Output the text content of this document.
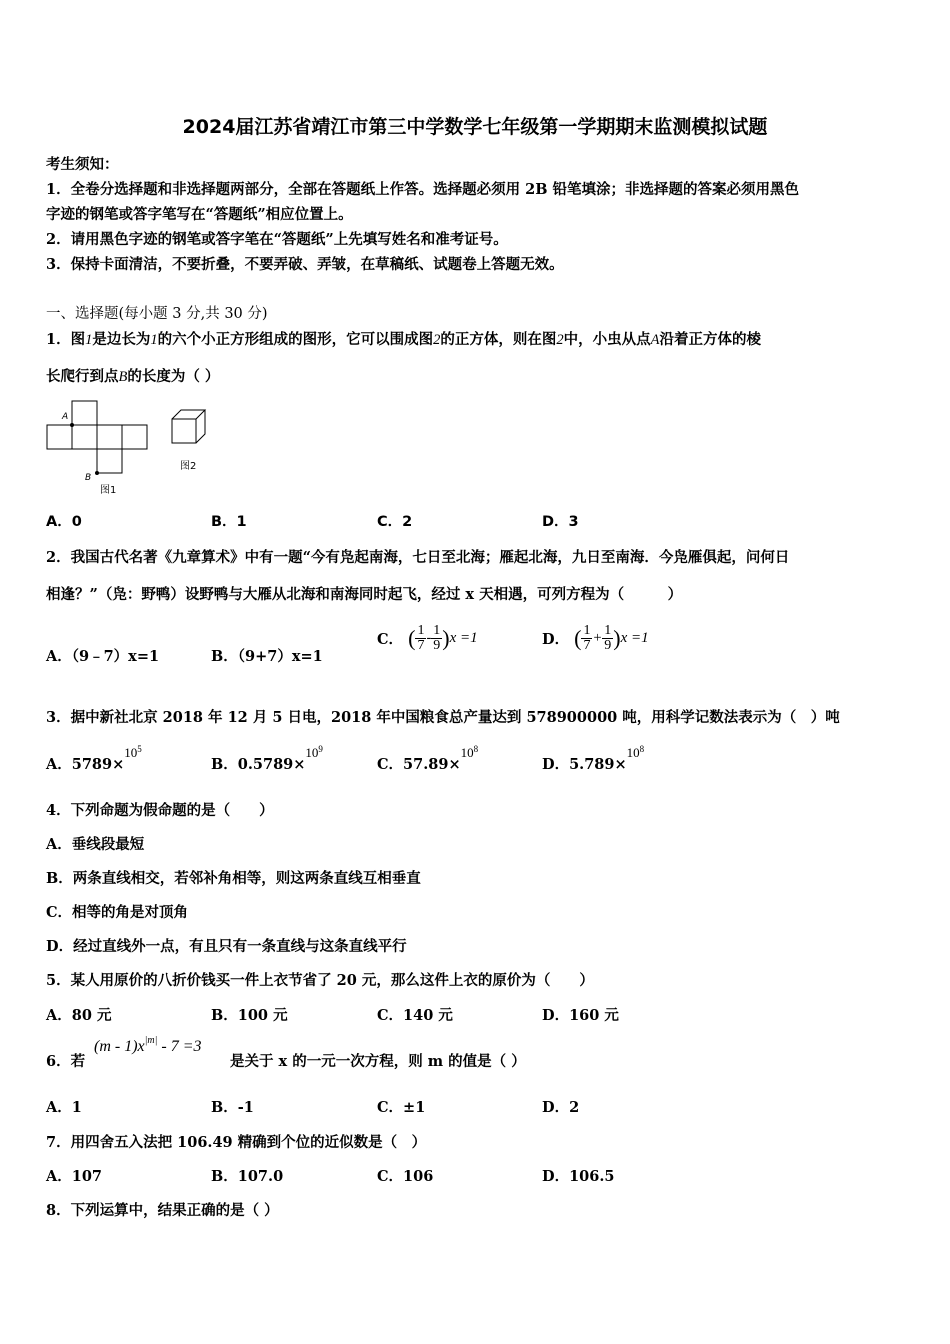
2024届江苏省靖江市第三中学数学七年级第一学期期末监测模拟试题
考生须知：
1．全卷分选择题和非选择题两部分，全部在答题纸上作答。选择题必须用 2B 铅笔填涂；非选择题的答案必须用黑色
字迹的钢笔或答字笔写在“答题纸”相应位置上。
2．请用黑色字迹的钢笔或答字笔在“答题纸”上先填写姓名和准考证号。
3．保持卡面清洁，不要折叠，不要弄破、弄皱，在草稿纸、试题卷上答题无效。
一、选择题(每小题 3 分,共 30 分)
1．图1是边长为1的六个小正方形组成的图形，它可以围成图2的正方体，则在图2中，小虫从点A沿着正方体的棱
长爬行到点B的长度为（ ）
A
B
图1
图2
A．0	B．1	C．2	D．3
2．我国古代名著《九章算术》中有一题“今有凫起南海，七日至北海；雁起北海，九日至南海．今凫雁俱起，问何日
相逢？”（凫：野鸭）设野鸭与大雁从北海和南海同时起飞，经过 x 天相遇，可列方程为（　　　）
A．（9﹣7）x=1	B．（9+7）x=1
C． ( $\frac{1}{7} - \frac{1}{9} )x =1$	D． ( $\frac{1}{7} + \frac{1}{9} )x =1$
3．据中新社北京 2018 年 12 月 5 日电，2018 年中国粮食总产量达到 578900000 吨，用科学记数法表示为（　）吨
A．$5789\times 10^5$
B．$0.5789\times 10^9$
C．$57.89\times 10^8$
D．$5.789\times 10^8$
4．下列命题为假命题的是（　　）
A．垂线段最短
B．两条直线相交，若邻补角相等，则这两条直线互相垂直
C．相等的角是对顶角
D．经过直线外一点，有且只有一条直线与这条直线平行
5．某人用原价的八折价钱买一件上衣节省了 20 元，那么这件上衣的原价为（　　）
A．80 元	B．100 元	C．140 元	D．160 元
6．若
$(m - 1)x^{|m|} - 7 =3$
是关于 x 的一元一次方程，则 m 的值是（ ）
A．1	B．-1	C．±1	D．2
7．用四舍五入法把 106.49 精确到个位的近似数是（　）
A．107	B．107.0	C．106	D．106.5
8．下列运算中，结果正确的是（ ）
